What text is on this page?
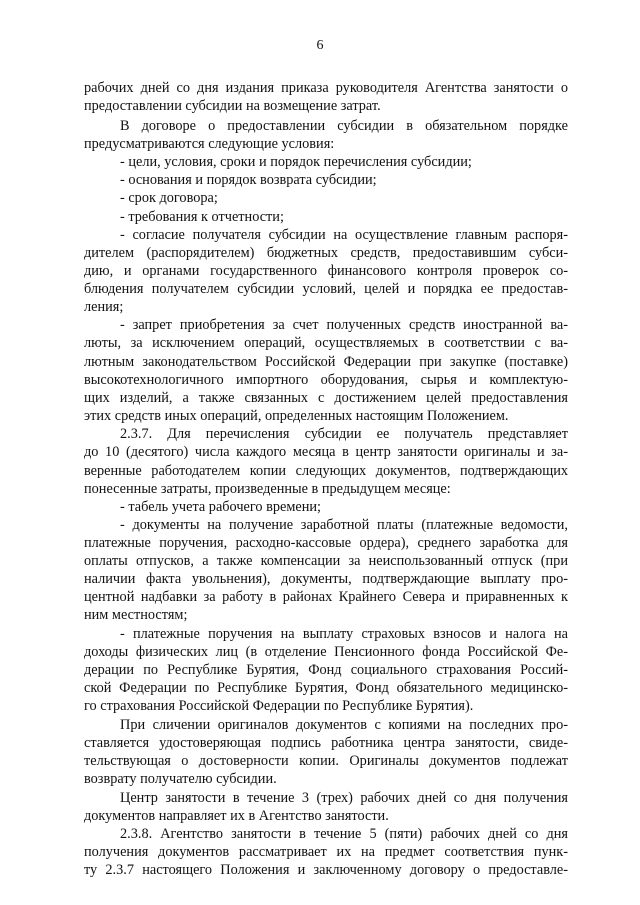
6
рабочих дней со дня издания приказа руководителя Агентства занятости о
предоставлении субсидии на возмещение затрат.
В договоре о предоставлении субсидии в обязательном порядке
предусматриваются следующие условия:
- цели, условия, сроки и порядок перечисления субсидии;
- основания и порядок возврата субсидии;
- срок договора;
- требования к отчетности;
- согласие получателя субсидии на осуществление главным распоря-
дителем (распорядителем) бюджетных средств, предоставившим субси-
дию, и органами государственного финансового контроля проверок со-
блюдения получателем субсидии условий, целей и порядка ее предостав-
ления;
- запрет приобретения за счет полученных средств иностранной ва-
люты, за исключением операций, осуществляемых в соответствии с ва-
лютным законодательством Российской Федерации при закупке (поставке)
высокотехнологичного импортного оборудования, сырья и комплектую-
щих изделий, а также связанных с достижением целей предоставления
этих средств иных операций, определенных настоящим Положением.
2.3.7. Для перечисления субсидии ее получатель представляет
до 10 (десятого) числа каждого месяца в центр занятости оригиналы и за-
веренные работодателем копии следующих документов, подтверждающих
понесенные затраты, произведенные в предыдущем месяце:
- табель учета рабочего времени;
- документы на получение заработной платы (платежные ведомости,
платежные поручения, расходно-кассовые ордера), среднего заработка для
оплаты отпусков, а также компенсации за неиспользованный отпуск (при
наличии факта увольнения), документы, подтверждающие выплату про-
центной надбавки за работу в районах Крайнего Севера и приравненных к
ним местностям;
- платежные поручения на выплату страховых взносов и налога на
доходы физических лиц (в отделение Пенсионного фонда Российской Фе-
дерации по Республике Бурятия, Фонд социального страхования Россий-
ской Федерации по Республике Бурятия, Фонд обязательного медицинско-
го страхования Российской Федерации по Республике Бурятия).
При сличении оригиналов документов с копиями на последних про-
ставляется удостоверяющая подпись работника центра занятости, свиде-
тельствующая о достоверности копии. Оригиналы документов подлежат
возврату получателю субсидии.
Центр занятости в течение 3 (трех) рабочих дней со дня получения
документов направляет их в Агентство занятости.
2.3.8. Агентство занятости в течение 5 (пяти) рабочих дней со дня
получения документов рассматривает их на предмет соответствия пунк-
ту 2.3.7 настоящего Положения и заключенному договору о предоставле-
